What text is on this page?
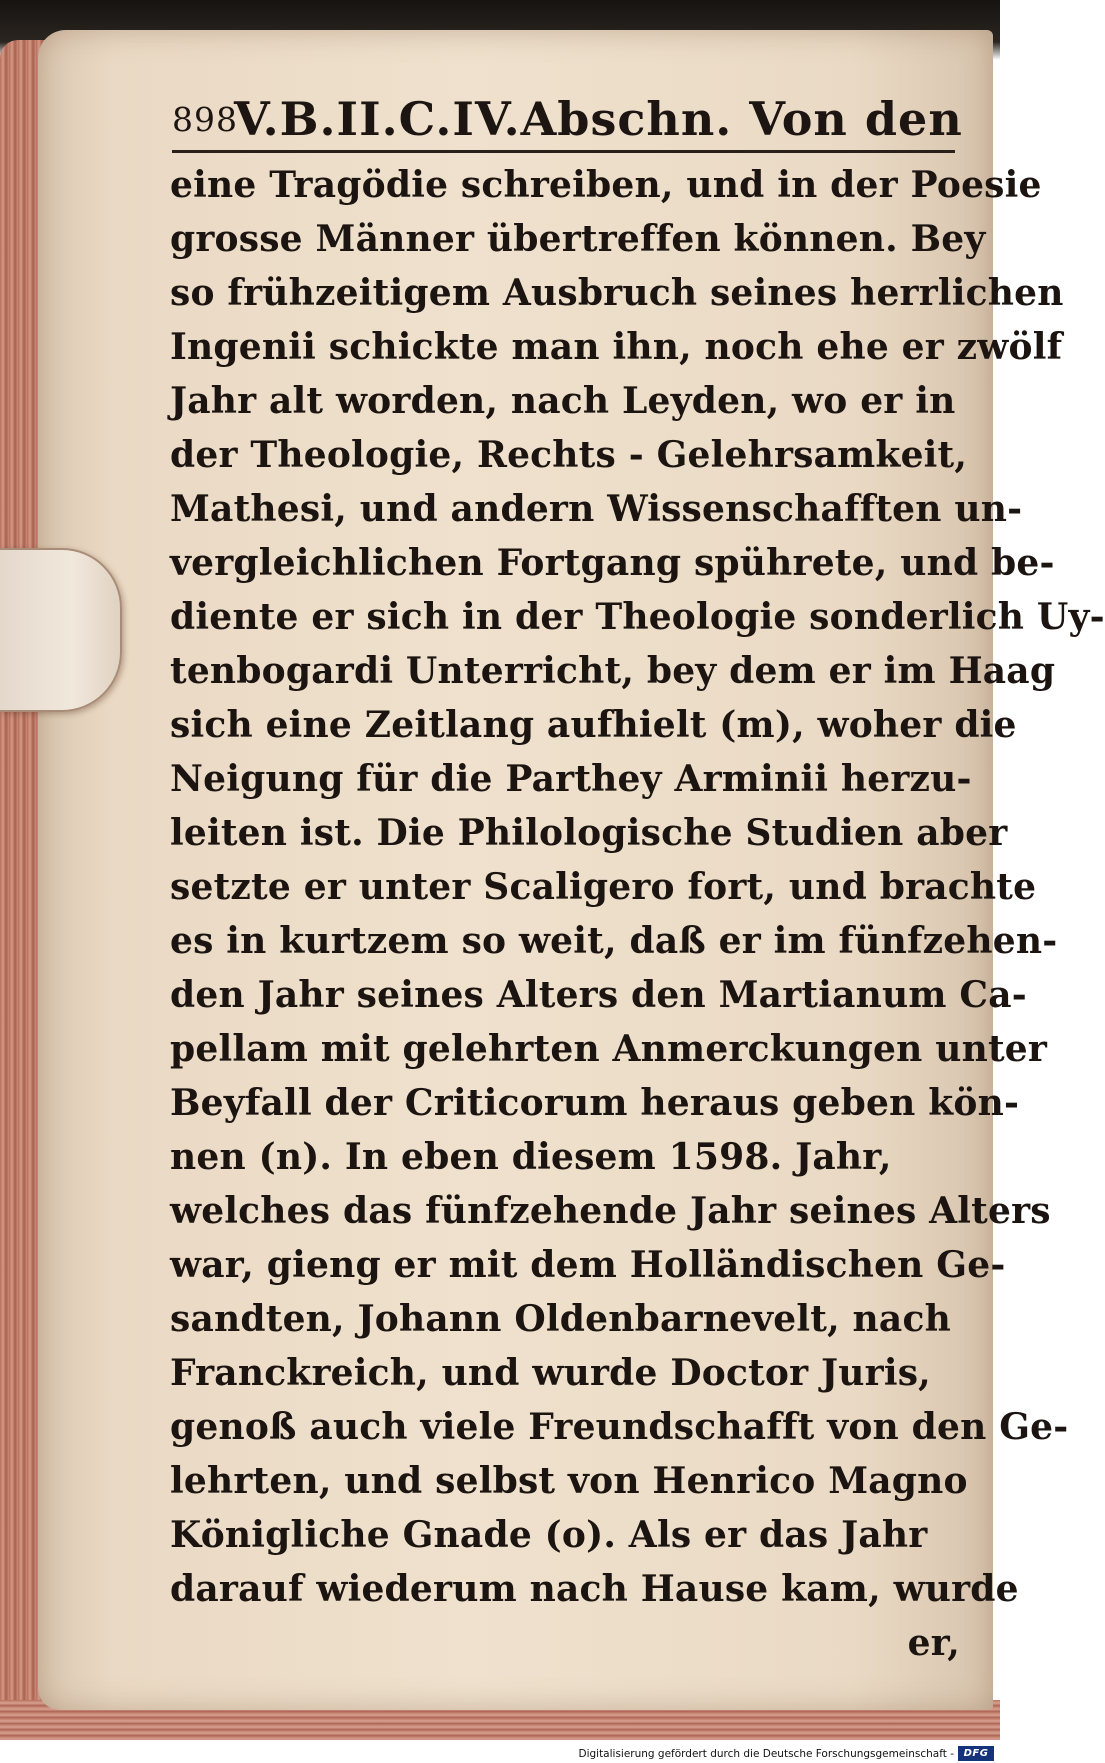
898
V.B.II.C.IV.Abschn. Von den
eine Tragödie schreiben, und in der Poesie
grosse Männer übertreffen können. Bey
so frühzeitigem Ausbruch seines herrlichen
Ingenii schickte man ihn, noch ehe er zwölf
Jahr alt worden, nach Leyden, wo er in
der Theologie, Rechts - Gelehrsamkeit,
Mathesi, und andern Wissenschafften un-
vergleichlichen Fortgang spührete, und be-
diente er sich in der Theologie sonderlich Uy-
tenbogardi Unterricht, bey dem er im Haag
sich eine Zeitlang aufhielt (m), woher die
Neigung für die Parthey Arminii herzu-
leiten ist. Die Philologische Studien aber
setzte er unter Scaligero fort, und brachte
es in kurtzem so weit, daß er im fünfzehen-
den Jahr seines Alters den Martianum Ca-
pellam mit gelehrten Anmerckungen unter
Beyfall der Criticorum heraus geben kön-
nen (n). In eben diesem 1598. Jahr,
welches das fünfzehende Jahr seines Alters
war, gieng er mit dem Holländischen Ge-
sandten, Johann Oldenbarnevelt, nach
Franckreich, und wurde Doctor Juris,
genoß auch viele Freundschafft von den Ge-
lehrten, und selbst von Henrico Magno
Königliche Gnade (o). Als er das Jahr
darauf wiederum nach Hause kam, wurde
er,
Digitalisierung gefördert durch die Deutsche Forschungsgemeinschaft - DFG
